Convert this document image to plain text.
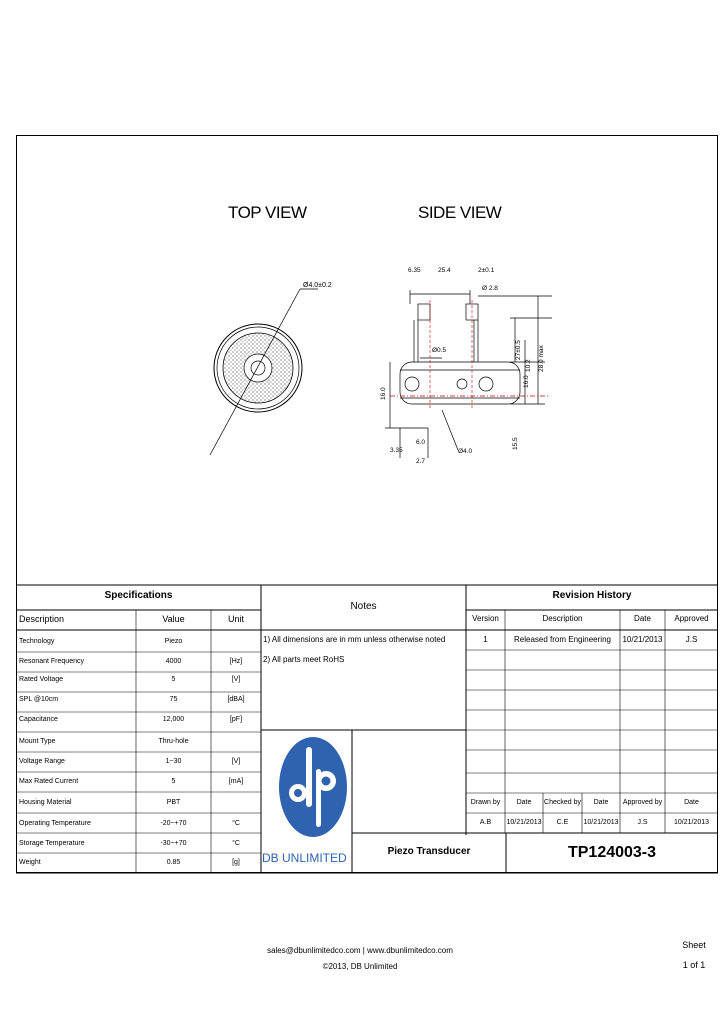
TOP VIEW	SIDE VIEW
Ø4.0±0.2
6.35	25.4	2±0.1
Ø 2.8
Ø0.5	27±0.5
10.2 28.0 max
16.0
16.0
6.0
3.35
2.7
Ø4.0
15.5
Specifications
Description	Value	Unit
Technology	Piezo
Resonant Frequency	4000	[Hz]
Rated Voltage	5	[V]
SPL @10cm	75	[dBA]
Capacitance	12,000	[pF]
Mount Type	Thru-hole
Voltage Range	1~30	[V]
Max Rated Current	5	[mA]
Housing Material	PBT
Operating Temperature	-20~+70	°C
Storage Temperature	-30~+70	°C
Weight	0.85	[g]
Notes
1) All dimensions are in mm unless otherwise noted
2) All parts meet RoHS
Revision History
Version	Description	Date	Approved
1	Released from Engineering	10/21/2013	J.S
Drawn by	Date	Checked by	Date	Approved by	Date
A.B	10/21/2013	C.E	10/21/2013	J.S	10/21/2013
DB UNLIMITED	Piezo Transducer	TP124003-3
sales@dbunlimitedco.com | www.dbunlimitedco.com
©2013, DB Unlimited
Sheet
1 of 1
